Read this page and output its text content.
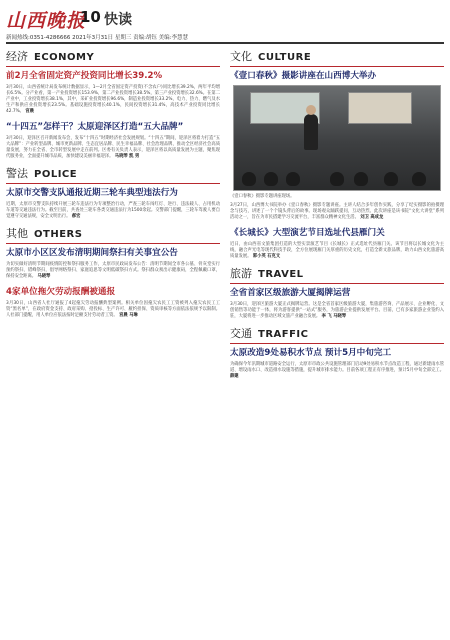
山西晚报
10 快读
新闻热线:0351-4286666 2021年3月31日 星期三 责编:胡钰 美编:李慧慧
经济 ECONOMY
前2月全省固定资产投资同比增长39.2%
3月30日，山西省统计局发布统计数据显示，1—2月全省固定资产投资(不含农户)同比增长39.2%，两年平均增长6.5%。分产业看，第一产业投资增长153.9%，第二产业投资增长38.5%，第三产业投资增长32.6%。在第二产业中，工业投资增长38.1%，其中，采矿业投资增长96.6%，制造业投资增长33.2%，电力、热力、燃气及水生产和供应业投资增长23.5%。基础设施投资增长40.1%，民间投资增长31.4%，高技术产业投资同比增长42.7%。 宫晨
“十四五”怎样干？太原迎泽区打造“五大品牌”
3月30日，迎泽区召开新闻发布会，发布“十四五”时期经济社会发展规划。“十四五”期间，迎泽区将着力打造“五大品牌”：产业转型品牌、城市更新品牌、生态宜居品牌、民生幸福品牌、社会治理品牌，推动全区经济社会高质量发展，努力在全省、全市转型发展中走在前列。区委有关负责人表示，迎泽区将以高质量发展为主题，聚焦现代服务业，全面提升城市品质，加快建设美丽幸福迎泽。 马晓琴 凯 男
警法 POLICE
太原市交警支队通报近期三轮车典型违法行为
近期，太原市交警支队持续开展三轮车违法行为专项整治行动，严查三轮车闯红灯、逆行、违法载人、占用机动车道等交通违法行为。截至目前，共查处三轮车各类交通违法行为1500余起。交警部门提醒，三轮车驾驶人要自觉遵守交通法规，安全文明出行。 郝宏
其他 OTHERS
太原市小区区发布清明期间祭扫有关事宜公告
为切实做好清明节期间疫情防控和祭扫服务工作，太原市民政局发布公告：清明节期间全市各公墓、骨灰堂实行预约祭扫、错峰祭扫，倡导网络祭扫、家庭追思等文明低碳祭扫方式。祭扫群众须出示健康码，全程佩戴口罩，保持安全距离。 马晓琴
4家单位拖欠劳动报酬被通报
3月30日，山西省人社厅通报了4起拖欠劳动报酬典型案例。相关单位因拖欠农民工工资被列入拖欠农民工工资“黑名单”，在政府资金支持、政府采购、招投标、生产许可、履约担保、资质审核等方面依法依规予以限制。人社部门提醒，用人单位应依法按时足额支付劳动者工资。 宫晨 马琳
文化 CULTURE
《壹口春秋》摄影讲座在山西博大举办
《壹口春秋》摄影专题讲座现场。
3月27日，山西博大书院举办《壹口春秋》摄影专题讲座。主讲人结合多年创作实践，分享了纪实摄影的拍摄理念与技巧，讲述了一个个镜头背后的故事。现场观众踊跃提问，互动热烈。此次讲座是该书院“文化大讲堂”系列活动之一，旨在为市民搭建学习交流平台，丰富群众精神文化生活。 刘卫 高成龙
《长城长》大型演艺节目选址代县雁门关
近日，由山西省文旅集团打造的大型实景演艺节目《长城长》正式选址代县雁门关。该节目将以长城文化为主线，融合声光电等现代科技手段，全方位展现雁门关厚重的历史文化，打造全新文旅品牌，助力山西文化旅游高质量发展。 郭小英 石克文
旅游 TRAVEL
全省首家区级旅游大厦揭牌运营
3月30日，迎泽区旅游大厦正式揭牌运营。这是全省首家区级旅游大厦，集旅游咨询、产品展示、企业孵化、文创销售等功能于一体，将为游客提供“一站式”服务，为旅游企业提供发展平台。目前，已有多家旅游企业签约入驻，大厦将进一步推动区域文旅产业融合发展。 李 飞 马晓琴
交通 TRAFFIC
太原改造9处易积水节点 预计5月中旬完工
为确保今年汛期城市道路安全运行，太原市市政公共设施管理部门启动9处易积水节点改造工程，通过新建雨水管道、增设雨水口、改造排水设施等措施，提升城市排水能力。目前各项工程正有序推进，预计5月中旬全部完工。 薛建
